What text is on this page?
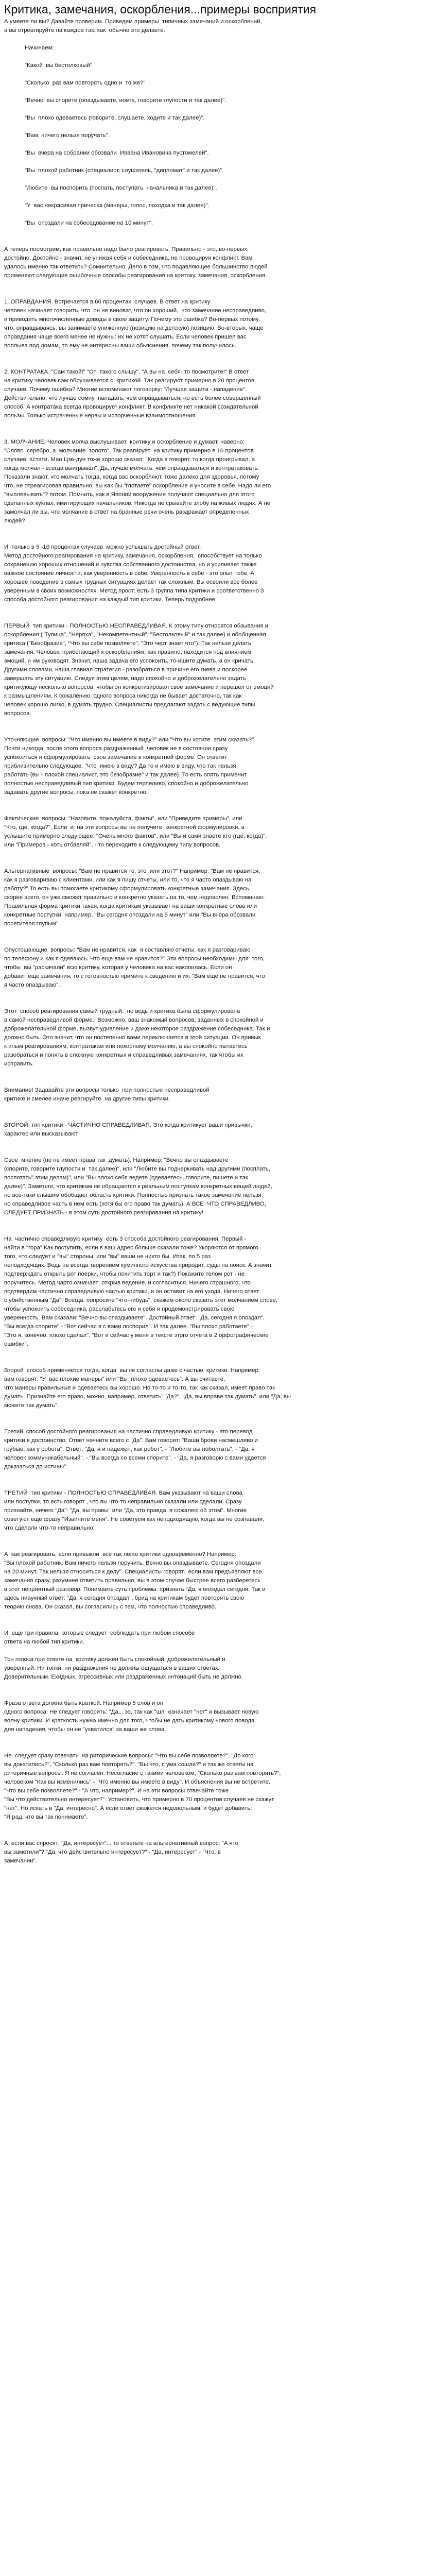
Критика, замечания, оскорбления...примеры восприятия

А умеете ли вы? Давайте проверим. Приведем примеры  типичных замечаний и оскорблений,

а вы отреагируйте на каждое так, как  обычно это делаете.

Начинаем:

"Какой  вы бестолковый".

"Сколько  раз вам повторять одно и  то же?"

"Вечно  вы спорите (опаздываете, ноете, говорите глупости и так далее)".

"Вы  плохо одеваетесь (говорите, слушаете, ходите и так далее)".

"Вам  ничего нельзя поручать".

"Вы  вчера на собрании обозвали  Иваана Ивановича пустомелей".

"Вы  плохой работник (специалист, слушатель, "дипломат" и так далее)".

"Любите  вы поспорить (поспать, поступать  начальника и так далее)".

"У  вас некрасивая прическа (манеры, голос, походка и так далее)".

"Вы  опоздали на собеседование на 10 минут".

А теперь посмотрим, как правильно надо было реагировать. Правильно - это, во-первых,

достойно. Достойно - значит, не унижая себя и собеседника, не провоцируя конфликт. Вам

удалось именно так ответить? Сомнительно. Дело в том, что подавляющее большинство людей

применяют следующие ошибочные способы реагирования на критику, замечания, оскорбления.

1. ОПРАВДАНИЯ. Встречается в 60 процентах  случаев. В ответ на критику

человек начинает говорить, что  он не виноват, что он хороший,  что замечание несправедливо,

и приводить многочисленные доводы в свою защиту. Почему это ошибка? Во-первых потому,

что, оправдываясь, вы занимаете униженную (позицию на детскую) позицию. Во-вторых, чаще

оправдания чаще всего менее не нужны: их не хотят слушать. Если человек пришел вас

поплыва под домам, то ему не интересны ваши обьяснения, почему так получилось.

2. КОНТРАТАКА. "Сам такой!" "От  такого слышу", "А вы на  себя- то посмотрите!" В ответ

на критику человек сам обрушивается с  критикой. Так реагируют примерно в 20 процентов

случаев. Почему ошибка? Многие вспоминают поговорку: "Лучшая защита - нападение".

Действительно, что лучше сомну  нападать, чем оправдываться, но есть более совершенный

способ. А контратака всегда провоцирует конфликт. В конфликте нет никакой созидательной

пользы. Только истраченные нервы и испорченные взаимоотношения.

3. МОЛЧАНИЕ. Человек молча выслушивает  критику и оскорбление и думает, наверно:

"Слово  серебро, а  молчание  золото". Так реагирует  на критику примерно в 10 процентов

случаев. Кстати, Мао Цзе-дун тоже хорошо сказал: "Когда в говорят, то когда проигрывал, а

когда молчал - всегда выигрывал". Да, лучше молчать, чем оправдываться и контратаковать.

Показали знают, что молчать тогда, когда вас оскорбляют, тоже далеко для здоровья, потому

что, не отреагировав правильно, вы как бы "глотаете" оскорбление и уносите в себе. Надо ли его

"выплевывать"? потом. Помнить, как в Японии вооружение получают специально для этого

сделанных куклах, имитирующих начальников. Никогда не срывайте злобу на живых людях. А не

замолчал ли вы, что молчание в ответ на бранные речи очень раздражает определенных

людей?

И  только в 5 -10 процентах случаев  можно услышать достойный ответ.

Метод достойного реагирования на критику, замечания, оскорбления,  способствует на только

сохранению хороших отношений и чувства собственного достоинства, но и усиливает также

важное состояние личности, как уверенность в себе. Уверенность в себе - это опыт тобе. А

хорошее поведение в самых трудных ситуациях делает так сложным. Вы освоили все более

уверенным в своих возможностях. Метод прост: есть 3 группа типа критики и соответственно 3

способа достойного реагирования на каждый тип критики. Теперь подробнее.

ПЕРВЫЙ  тип критики - ПОЛНОСТЬЮ НЕСПРАВЕДЛИВАЯ. К этому типу относятся обзывания и

оскорбления ("Тупица", "Неряха", "Некомпетентный", "Бестолковый" и так далее) и обобщенная

критика ("Безобразие", "Что вы себе позволяете", "Это черт знает что"). Так нельзя делать

замечания. Человек, прибегающий к оскорблениям, как правило, находится под влиянием

эмоций, и им руководят. Значит, наша задача его успокоить, то-ишите думать, а он кричать.

Другими словами, наша главная стратегия - разобраться в причине его гнева и поскорее

завершать эту ситуацию. Следуя этим целям, надо спокойно и доброжелательно задать

критикующу несколько вопросов, чтобы он конкретизировал свое замечание и перешел от эмоций

к размышлениям. К сожалению, одного вопроса никогда не бывает достаточно, так как

человек хорошо лигко, в думать трудно. Специалисты предлагают задать с ведующие типы

вопросов.

Уточняющие  вопросы: "Что именно вы имеете в виду?" или "Что вы хотите  этим сказать?".

Почти никогда  после этого вопроса раздраженный  человек не в состоянии сразу

успокоиться и сформулировать  свое замечание в конкретной форме. Он ответит

приблизительно следующее: "Что  имею в виду? Да то и имею в виду, что так нельзя

работать (вы - плохой специалист, это безобразие" и так далее). То есть опять применит

полностью несправедливый тип критики. Будем терпеливо, спокойно и доброжелательно

задавать другие вопросы, пока не скажет конкретно.

Фактические  вопросы: "Назовите, пожалуйста, факты", или "Приведите примеры", или

"Кто, где, когда?". Если  и  на эти вопросы вы не получите  конкретной формулировки, а

услышите примерно следующее: "Очень много фактов", или "Вы и сами знаете кто (где, когда)",

или "Примеров - хоть отбавляй", - то переходите к следующему типу вопросов.

Альтернативные  вопросы: "Вам не нравится то, это  или этот?" Например: "Вам не нравится,

как я разговариваю с клиентами, или как я пишу отчеты, или то, что я часто опаздываю на

работу?" То есть вы помогаете критикому сформулировать конкретные замечания. Здесь,

скорее всего, он уже сможет правильно и конкретно указать на то, чем недоволен. Вспоминаю:

Правильная форма критики такая, когда критикам указывает на ваши конкретные слова или

конкретные поступки, например, "Вы сегодня опоздали на 5 минут" или "Вы вчера обозвали

посетителя глупым".

Опустошающие  вопросы: "Вам не нравится, как  я составляю отчеты, как я разговариваю

по телефону и как я одеваюсь. Что еще вам не нравится?" Эти вопросы необходимы для  того,

чтобы  вы "раскачали" всю критику, которая у человека на вас накопилась. Если он

добавит еще замечания, то с готовностью примите к сведению и их: "Вам еще не нравится, что

я часто опаздываю".

Этот  способ реагирования самый трудный,  но ведь и критика была сформулирована

в самой несправедливой форме.  Возможно, ваш знакомый вопросов, заданных в спокойной и

доброжелательной форме, вызвут удивление и даже некоторое раздражение собеседника. Так и

должно быть. Это значит, что он постепенно вами переключается в этой ситуации. Он привык

к иным реагированиям, контратакам или покорному молчанию, а вы спокойно пытаетесь

разобраться и понять в сложную конкретных и справедливых замечаниях, так чтобы их

исправить.

Внимание! Задавайте эти вопросы только  при полностью несправедливой

критике и смелее иначе реагируйте  на другие типы критики.

ВТОРОЙ  тип критики - ЧАСТИЧНО СПРАВЕДЛИВАЯ. Это когда критикует ваши привычки,

характер или высказывают

Свое  мнение (но не имеет права так  думать). Например: "Вечно вы опаздываете

(спорите, говорите глупости и  так далее)", или "Любите вы подчеркивать над другими (посплать,

поспотать" этим делам)", или "Вы плохо себя ведете (одеваетесь, говорите, пишете и так

далее)". Заметьте, что критикам не обращаются к реальным поступкам конкретных вещей людей,

но все-таки слышим обобщает область критики. Полностью признать такое замечание нельзя,

но справедливое часть в нем есть (хотя бы его право так думать). А ВСЕ  ЧТО СПРАВЕДЛИВО,

СЛЕДУЕТ ПРИЗНАТЬ - в этом суть достойного реагирования на критику!

На  частично справедливую критику  есть 3 способа достойного реагирования. Первый -

найти в "гора" Как поступить, если в ваш адрес больше сказали тоже? Укоряются от прямого

того, что следует и "вы" стороны, или "вы" ваши не никто бы. Итак, по 5 раз

неподходящих. Ведь не всегда творением куминного искусства природит, суды на поиск. А значит,

подтверждать открыть рот поерки, чтобы похитить торт и так?) Покажите телом рот - не

поручитесь. Метод чарто означает: открыв ведение, и согласиться. Ничего страшного, что

подтвердим частично справедливую частью критики, и он оставит на его ухода. Ничего ответ

с убийственным "Да". Всегда, попросите "что-нибудь", скажем около сказать этот молчанием слове,

чтобы успокоить собеседника, расслабьтесь его и себя и продемонстрировать свою

уверенность. Вам сказали: "Вечно вы опаздываете". Достойный ответ: "Да, сегодня я опоздал".

"Вы всегда спорите" - "Вот сейчас я с вами поспорил". И так далее. "Вы плохо работаете" -

"Это я, конечно, плохо сделал". "Вот и сейчас у меня в тексте этого отчета в 2 орфографические

ошибки".

Второй  способ применяется тогда, когда  вы не согласны даже с частью  критики. Например,

вам говорят: "У  вас плохие манеры" или "Вы  плохо одеваетесь". А вы считаете,

что манеры правильные и одеваетесь вы хорошо. Но то-то и то-то, так как сказал, имеет право так

думать. Признайте его право, можно, например, ответить: "Да?". "Да, вы вправе так думать". или "Да, вы

можете так думать".

Третий  способ достойного реагирования на частично справедливую критику - это перевод

критики в достоинство. Ответ начните всего с "Да". Вам говорят: "Ваши брови насмешливо и

грубые, как у робота". Ответ: "Да, я и надежен, как робот". - "Любите вы поболтать". - "Да, я

человек коммуникабельный". - "Вы всегда со всеми спорите". - "Да, я разговорю с вами удается

доказаться до истины".

ТРЕТИЙ  тип критики - ПОЛНОСТЬЮ СПРАВЕДЛИВАЯ. Вам указывают на ваши слова

или поступки, то есть говорят , что вы что-то неправильно сказали или сделали. Сразу

признайте, ничего "Да": "Да, вы правы" или "Да, это правда, я сожалею об этом". Многие

советуют еще фразу "Извините меня". Не советуем как неподходящую, когда вы не сознавали,

что сделали что-то неправильно.

А  как реагировать, если привыкли  все так легко критики одновременно? Например:

"Вы плохой работник. Вам ничего нельзя поручить. Вечно вы опаздываете. Сегодня опоздали

на 20 минут. Так нельзя относиться к делу". Специалисты говорят,  если вам предъявляют все

замечания сразу, разумнее ответить правильно, вы в этом случае быстрее всего разберетесь

в этот неприятный разговор. Понимаете суть проблемы: признать "Да, я опоздал сегодня. Так и

здесь ниаучный ответ: "Да, я сегодня опоздал", брид на критикам будет повторять свою

теорию снова. Он сказал, вы согласились с тем, что полностью справедливо.

И  еще три правила, которые следует  соблюдать при любом способе

ответа на любой тип критики.

Тон голоса при ответе на  критику должен быть спокойный, доброжелательный и

уверенный. Ни тонки, ни раздражения не должны ощущаться в ваших ответах.

Доверительным. Ехидных, агрессивных или раздраженных интонаций быть не должно.

Фраза ответа должна быть краткой. Например 5 слов и он

одного вопроса. Не следует говорить: "Да... ээ, так как "шл" означает "нет" и вызывает новую

волну критики. И краткость нужна именно для того, чтобы не дать критикому нового повода

для нападения, чтобы он не "ухватился" за ваши же слова.

Не  следует сразу отвечать  на риторические вопросы: "Что вы себе позволяете?", "До кого

вы докатились?", "Сколько раз вам повторять?". "Вы что, с ума сошли?" и так же ответы на

риторичные вопросы. Я не согласен. Несогласие с такими человеком, "Сколько раз вам повторять?",

человеком "Как вы изменились" - "Что именно вы имеете в виду". И объяснения вы не встретите.

"Что вы себе позволяете?" - "А что, например?". И на эти вопросы отвечайте тоже

"Вы что действительно интересует?". Установить, что примерно в 70 процентов случаев не скажут

"нет". Но искать в "Да, интересно". А если ответ окажется недовольным, и будет добавить:

"Я рад, что вы так понимаете".

А  если вас спросят: "Да, интересует"... то ответьте на альтернативный вопрос: "А что

вы заметили"? "Да, что действительно интересует?" - "Да, интересует" - "Что, в

замечании".
